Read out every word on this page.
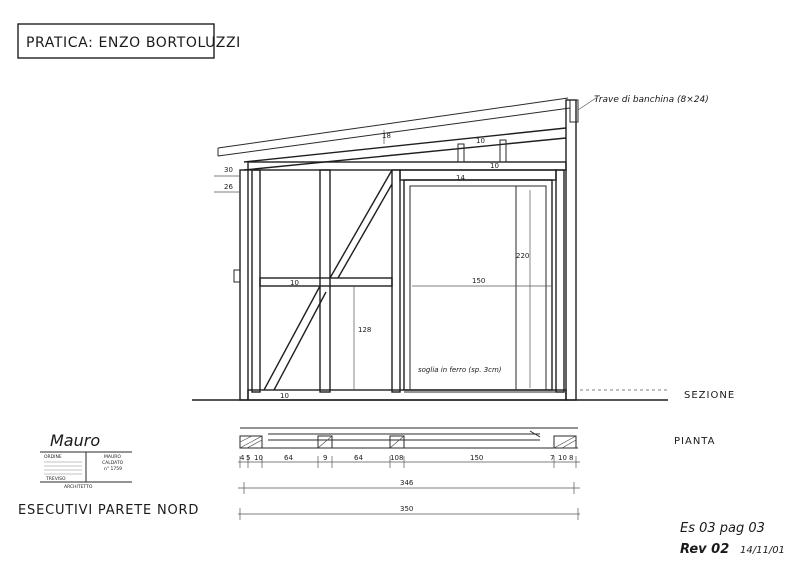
PRATICA: ENZO BORTOLUZZI
18
10
10
14
30
26
10
10
128
150
220
Trave di banchina (8×24)
soglia in ferro (sp. 3cm)
SEZIONE
PIANTA
4 5 10	64	9	64	10 8	150	7 10 8
346
350
Mauro
ORDINE	MAURO
CALDATO
n° 1759
TREVISO
ARCHITETTO
ESECUTIVI PARETE NORD
Es 03 pag 03
Rev 02 14/11/01
